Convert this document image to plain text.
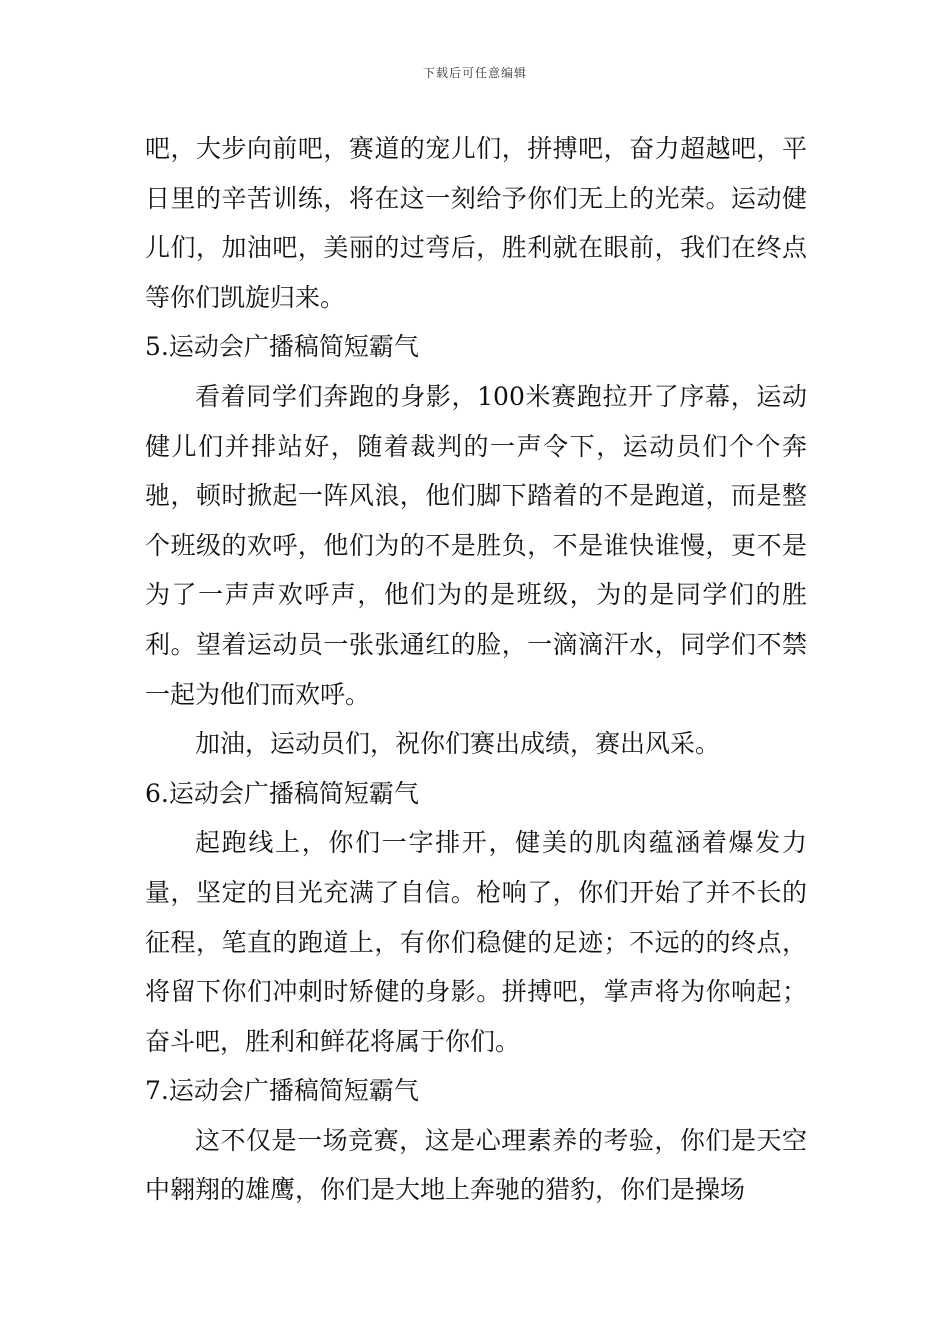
下载后可任意编辑

吧，大步向前吧，赛道的宠儿们，拼搏吧，奋力超越吧，平日里的辛苦训练，将在这一刻给予你们无上的光荣。运动健儿们，加油吧，美丽的过弯后，胜利就在眼前，我们在终点等你们凯旋归来。

5.运动会广播稿简短霸气

看着同学们奔跑的身影，100米赛跑拉开了序幕，运动健儿们并排站好，随着裁判的一声令下，运动员们个个奔驰，顿时掀起一阵风浪，他们脚下踏着的不是跑道，而是整个班级的欢呼，他们为的不是胜负，不是谁快谁慢，更不是为了一声声欢呼声，他们为的是班级，为的是同学们的胜利。望着运动员一张张通红的脸，一滴滴汗水，同学们不禁一起为他们而欢呼。

加油，运动员们，祝你们赛出成绩，赛出风采。

6.运动会广播稿简短霸气

起跑线上，你们一字排开，健美的肌肉蕴涵着爆发力量，坚定的目光充满了自信。枪响了，你们开始了并不长的征程，笔直的跑道上，有你们稳健的足迹；不远的的终点，将留下你们冲刺时矫健的身影。拼搏吧，掌声将为你响起；奋斗吧，胜利和鲜花将属于你们。

7.运动会广播稿简短霸气

这不仅是一场竞赛，这是心理素养的考验，你们是天空中翱翔的雄鹰，你们是大地上奔驰的猎豹，你们是操场
